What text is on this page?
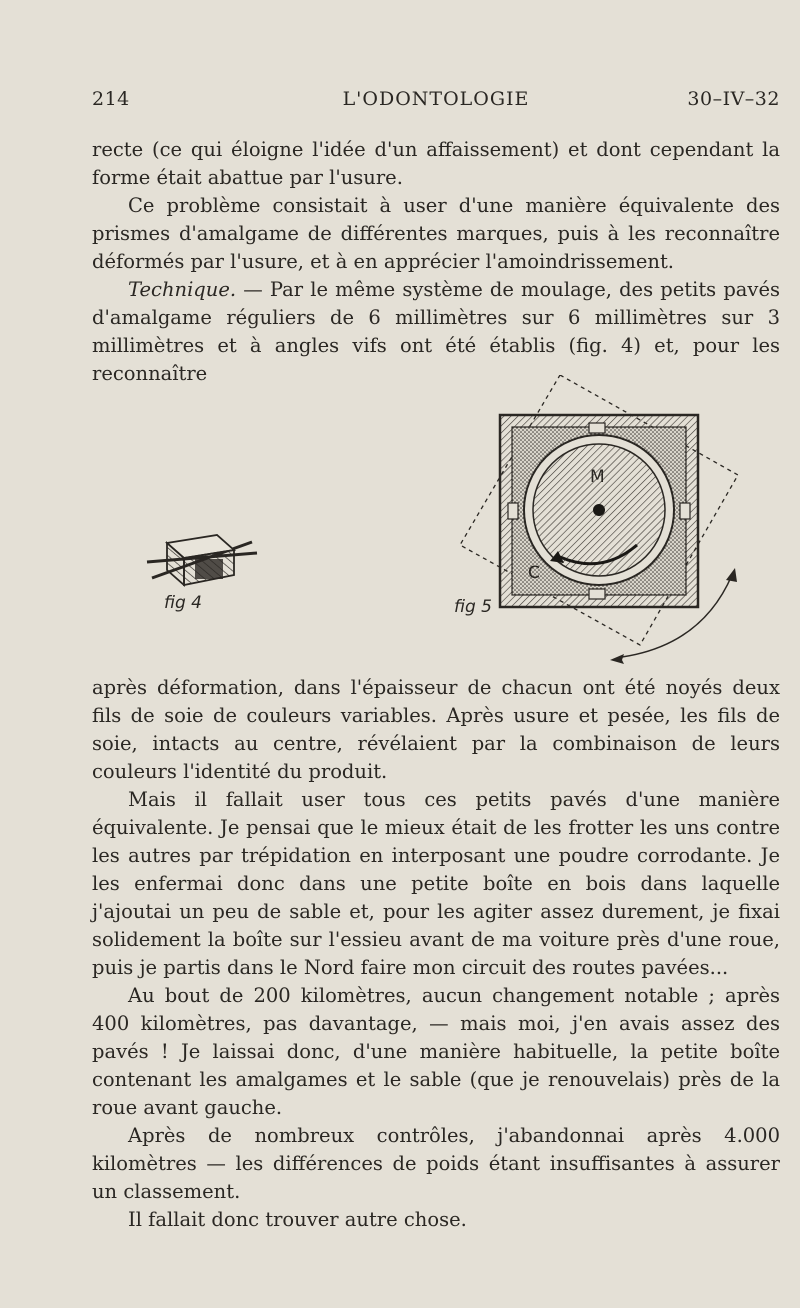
214	L'ODONTOLOGIE	30–IV–32

recte (ce qui éloigne l'idée d'un affaissement) et dont cependant la forme était abattue par l'usure.

Ce problème consistait à user d'une manière équivalente des prismes d'amalgame de différentes marques, puis à les reconnaître déformés par l'usure, et à en apprécier l'amoindrissement.

Technique. — Par le même système de moulage, des petits pavés d'amalgame réguliers de 6 millimètres sur 6 millimètres sur 3 millimètres et à angles vifs ont été établis (fig. 4) et, pour les reconnaître

fig 4	fig 5
M
C

après déformation, dans l'épaisseur de chacun ont été noyés deux fils de soie de couleurs variables. Après usure et pesée, les fils de soie, intacts au centre, révélaient par la combinaison de leurs couleurs l'identité du produit.

Mais il fallait user tous ces petits pavés d'une manière équivalente. Je pensai que le mieux était de les frotter les uns contre les autres par trépidation en interposant une poudre corrodante. Je les enfermai donc dans une petite boîte en bois dans laquelle j'ajoutai un peu de sable et, pour les agiter assez durement, je fixai solidement la boîte sur l'essieu avant de ma voiture près d'une roue, puis je partis dans le Nord faire mon circuit des routes pavées...

Au bout de 200 kilomètres, aucun changement notable ; après 400 kilomètres, pas davantage, — mais moi, j'en avais assez des pavés ! Je laissai donc, d'une manière habituelle, la petite boîte contenant les amalgames et le sable (que je renouvelais) près de la roue avant gauche.

Après de nombreux contrôles, j'abandonnai après 4.000 kilomètres — les différences de poids étant insuffisantes à assurer un classement.

Il fallait donc trouver autre chose.
